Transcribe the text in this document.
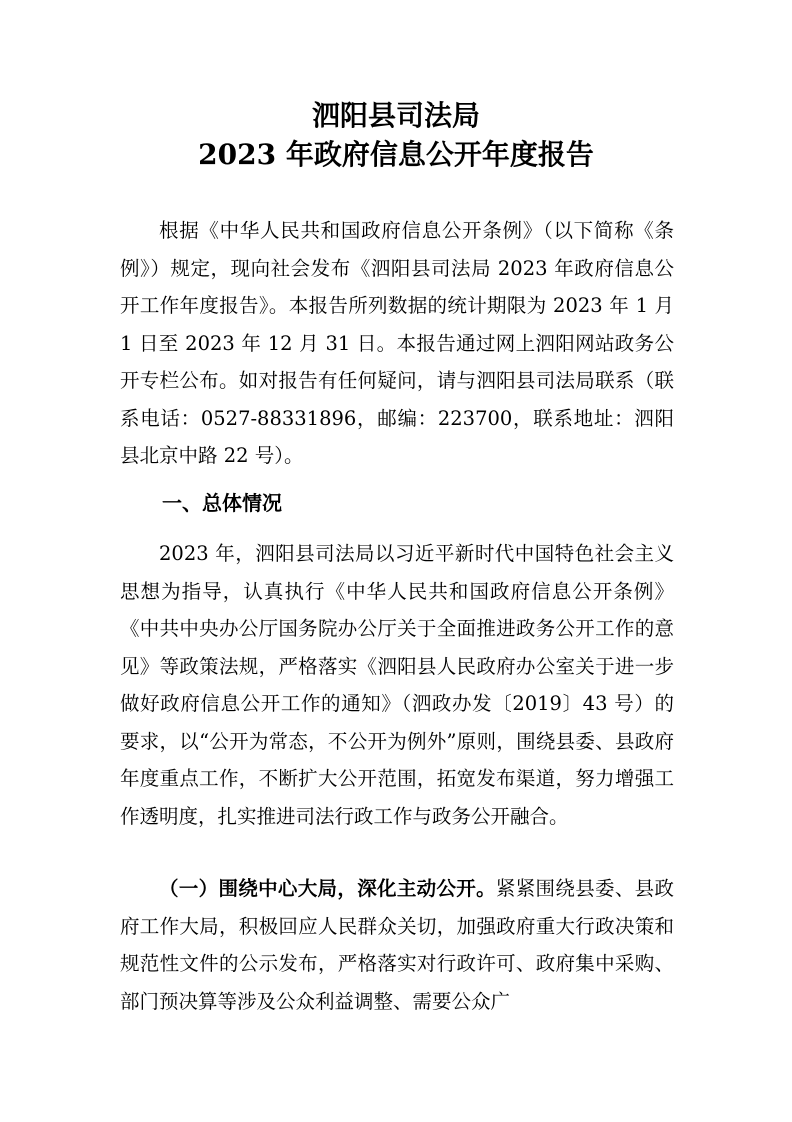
泗阳县司法局
2023 年政府信息公开年度报告

根据《中华人民共和国政府信息公开条例》（以下简称《条例》）规定，现向社会发布《泗阳县司法局 2023 年政府信息公开工作年度报告》。本报告所列数据的统计期限为 2023 年 1 月 1 日至 2023 年 12 月 31 日。本报告通过网上泗阳网站政务公开专栏公布。如对报告有任何疑问，请与泗阳县司法局联系（联系电话：0527-88331896，邮编：223700，联系地址：泗阳县北京中路 22 号）。

一、总体情况

2023 年，泗阳县司法局以习近平新时代中国特色社会主义思想为指导，认真执行《中华人民共和国政府信息公开条例》《中共中央办公厅国务院办公厅关于全面推进政务公开工作的意见》等政策法规，严格落实《泗阳县人民政府办公室关于进一步做好政府信息公开工作的通知》（泗政办发〔2019〕43 号）的要求，以“公开为常态，不公开为例外”原则，围绕县委、县政府年度重点工作，不断扩大公开范围，拓宽发布渠道，努力增强工作透明度，扎实推进司法行政工作与政务公开融合。

（一）围绕中心大局，深化主动公开。紧紧围绕县委、县政府工作大局，积极回应人民群众关切，加强政府重大行政决策和规范性文件的公示发布，严格落实对行政许可、政府集中采购、部门预决算等涉及公众利益调整、需要公众广
